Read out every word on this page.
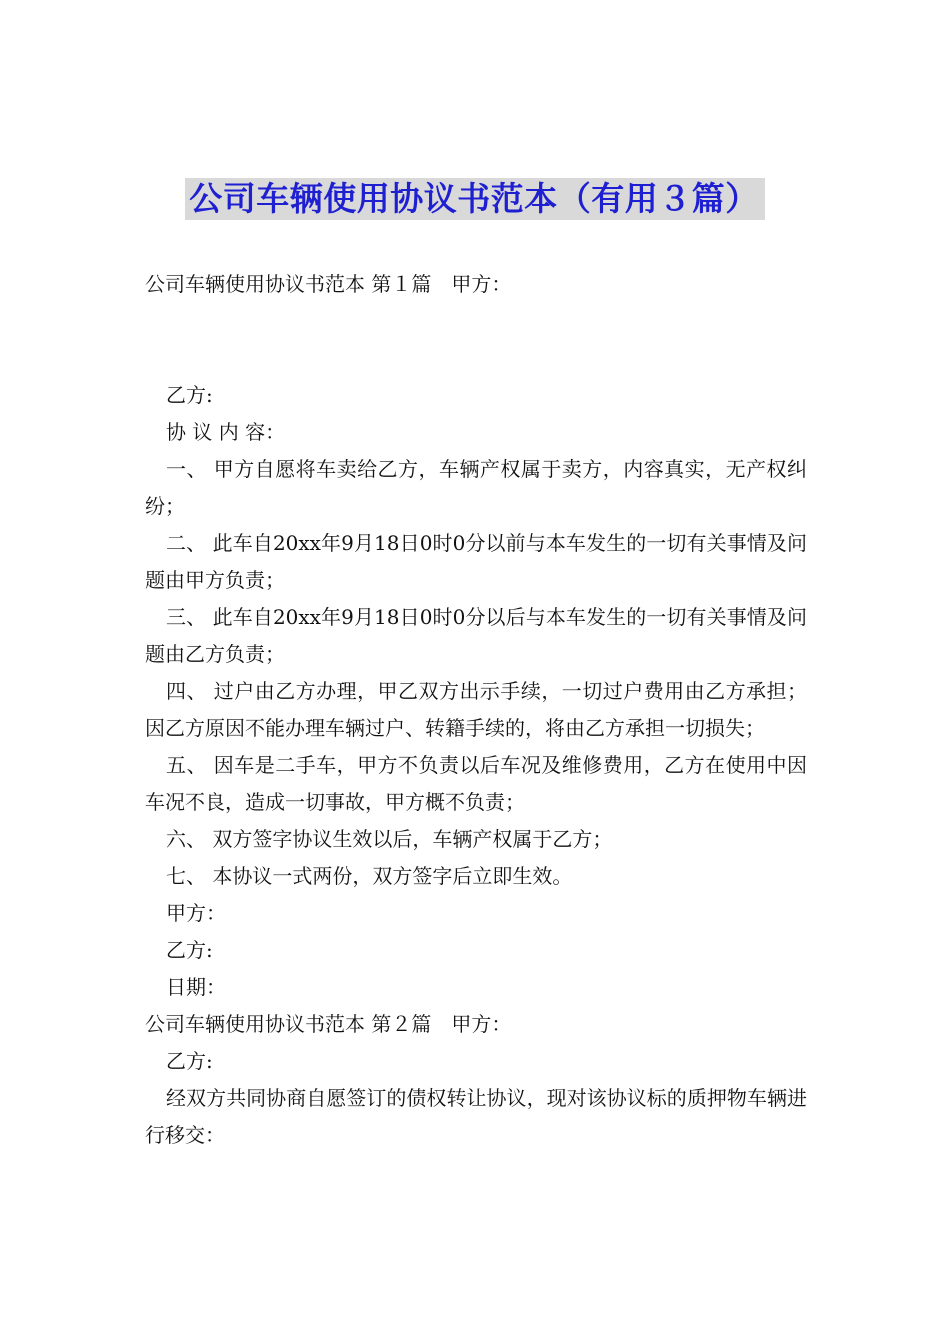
公司车辆使用协议书范本（有用３篇）

公司车辆使用协议书范本 第１篇　甲方：

乙方:

协 议 内 容：

一、 甲方自愿将车卖给乙方，车辆产权属于卖方，内容真实，无产权纠纷；

二、 此车自20xx年9月18日0时0分以前与本车发生的一切有关事情及问题由甲方负责；

三、 此车自20xx年9月18日0时0分以后与本车发生的一切有关事情及问题由乙方负责；

四、 过户由乙方办理，甲乙双方出示手续，一切过户费用由乙方承担；因乙方原因不能办理车辆过户、转籍手续的，将由乙方承担一切损失；

五、 因车是二手车，甲方不负责以后车况及维修费用，乙方在使用中因车况不良，造成一切事故，甲方概不负责；

六、 双方签字协议生效以后，车辆产权属于乙方；

七、 本协议一式两份，双方签字后立即生效。

甲方：

乙方:

日期：

公司车辆使用协议书范本 第２篇　甲方：

乙方:

经双方共同协商自愿签订的债权转让协议，现对该协议标的质押物车辆进行移交：
